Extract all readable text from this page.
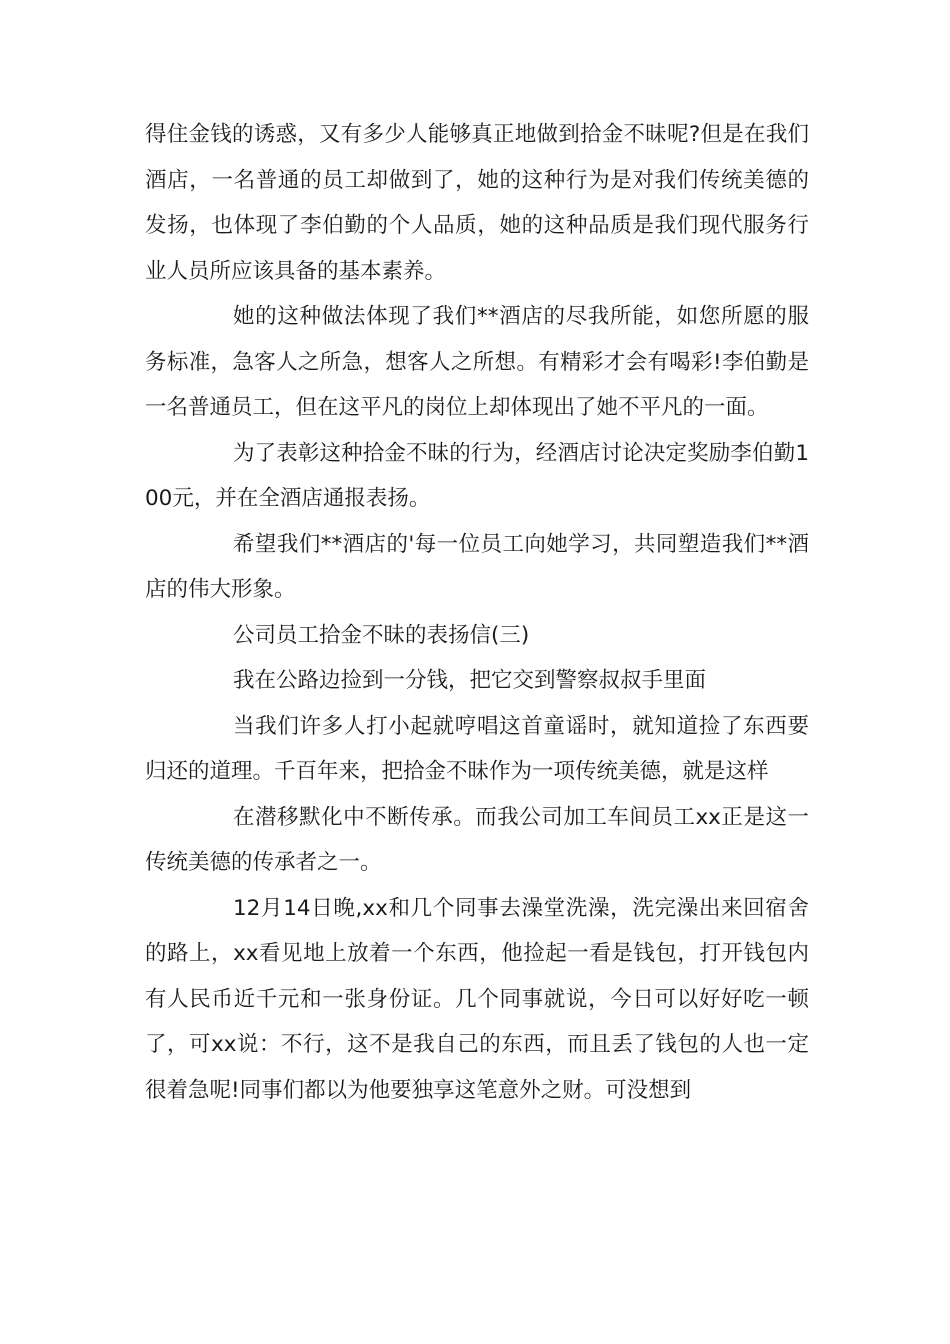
得住金钱的诱惑，又有多少人能够真正地做到拾金不昧呢?但是在我们酒店，一名普通的员工却做到了，她的这种行为是对我们传统美德的发扬，也体现了李伯勤的个人品质，她的这种品质是我们现代服务行业人员所应该具备的基本素养。

她的这种做法体现了我们**酒店的尽我所能，如您所愿的服务标准，急客人之所急，想客人之所想。有精彩才会有喝彩!李伯勤是一名普通员工，但在这平凡的岗位上却体现出了她不平凡的一面。

为了表彰这种拾金不昧的行为，经酒店讨论决定奖励李伯勤100元，并在全酒店通报表扬。

希望我们**酒店的'每一位员工向她学习，共同塑造我们**酒店的伟大形象。

公司员工拾金不昧的表扬信(三)

我在公路边捡到一分钱，把它交到警察叔叔手里面

当我们许多人打小起就哼唱这首童谣时，就知道捡了东西要归还的道理。千百年来，把拾金不昧作为一项传统美德，就是这样

在潜移默化中不断传承。而我公司加工车间员工xx正是这一传统美德的传承者之一。

12月14日晚,xx和几个同事去澡堂洗澡，洗完澡出来回宿舍的路上，xx看见地上放着一个东西，他捡起一看是钱包，打开钱包内有人民币近千元和一张身份证。几个同事就说，今日可以好好吃一顿了，可xx说：不行，这不是我自己的东西，而且丢了钱包的人也一定很着急呢!同事们都以为他要独享这笔意外之财。可没想到
